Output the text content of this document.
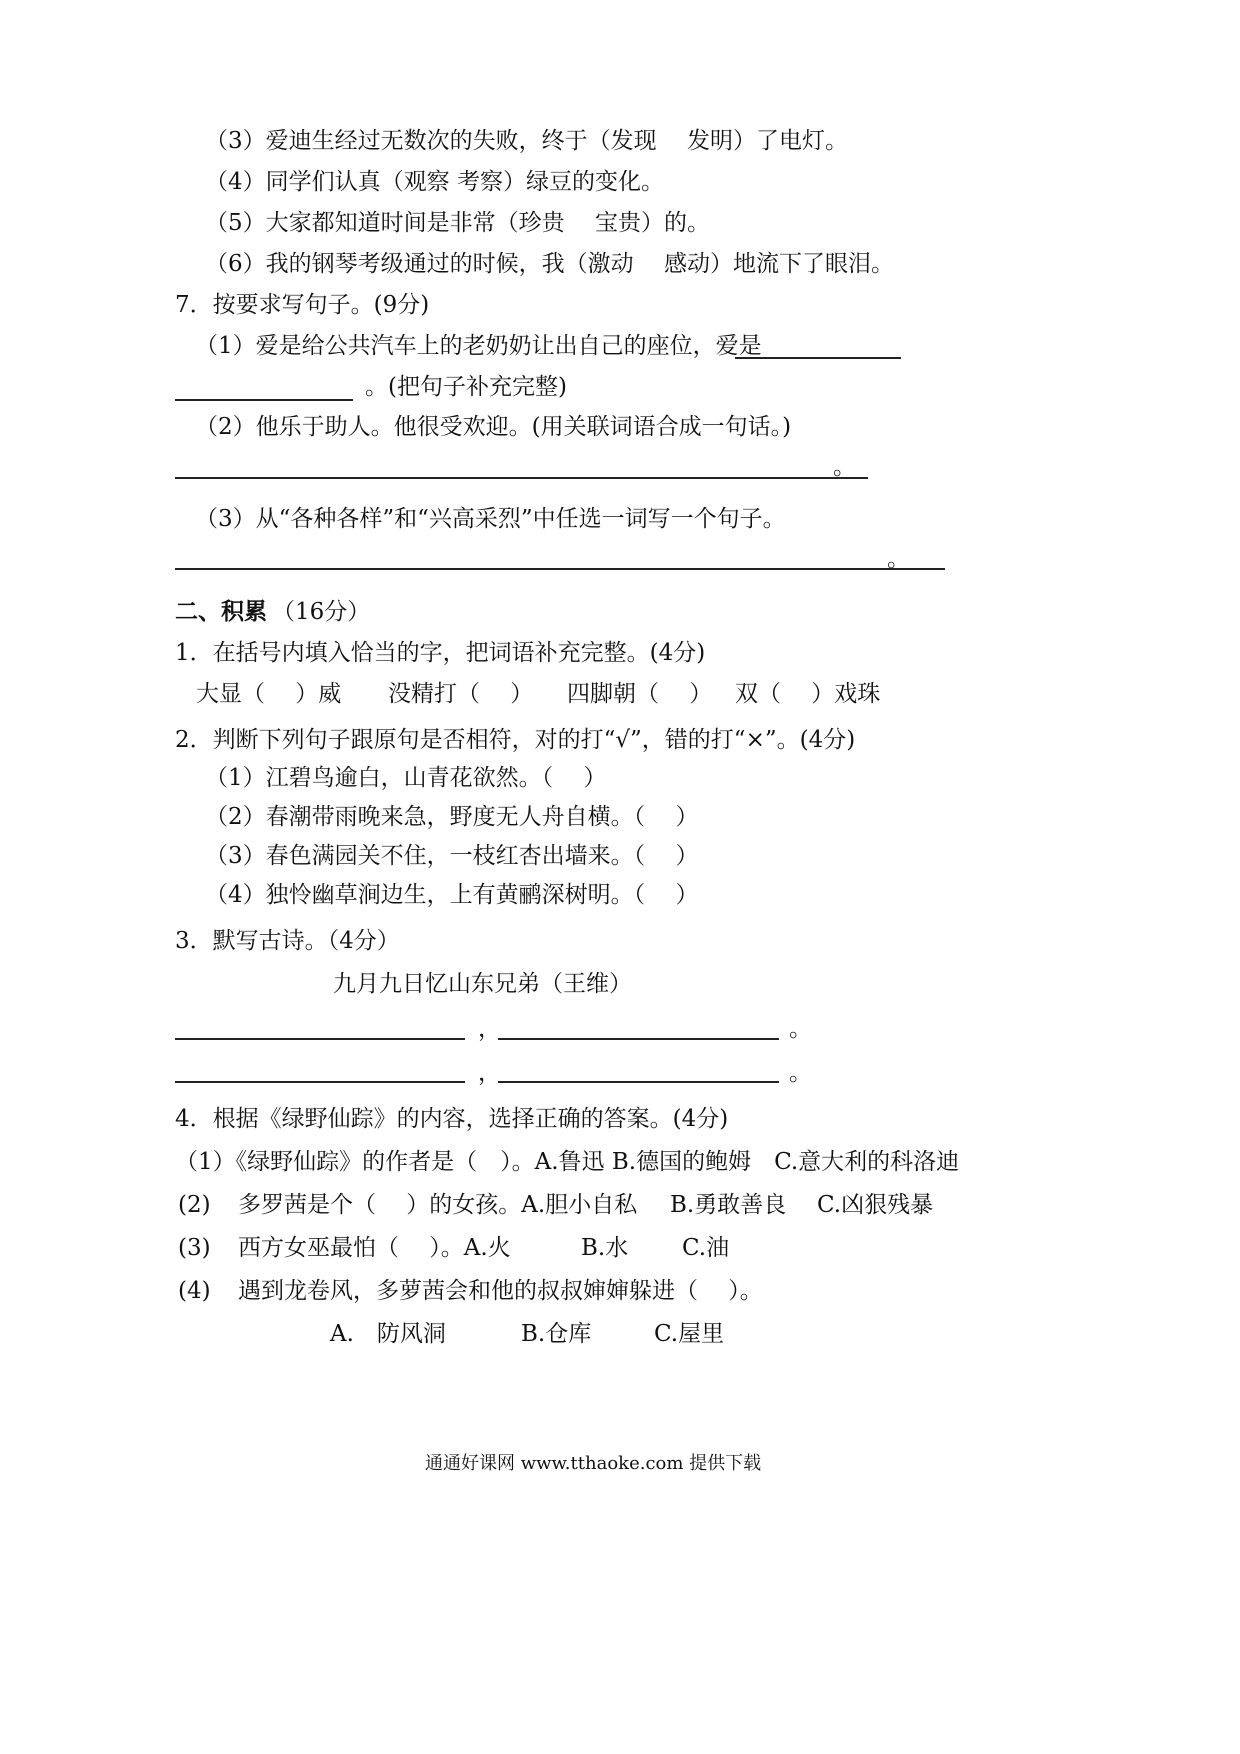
（3）爱迪生经过无数次的失败，终于（发现　 发明）了电灯。
（4）同学们认真（观察 考察）绿豆的变化。
（5）大家都知道时间是非常（珍贵　 宝贵）的。
（6）我的钢琴考级通过的时候，我（激动　 感动）地流下了眼泪。
7．按要求写句子。(9分)
（1）爱是给公共汽车上的老奶奶让出自己的座位，爱是
。(把句子补充完整)
（2）他乐于助人。他很受欢迎。(用关联词语合成一句话。)
。
（3）从“各种各样”和“兴高采烈”中任选一词写一个句子。
。
二、积累 （16分）
1．在括号内填入恰当的字，把词语补充完整。(4分)
大显（　 ）威 没精打（　 ） 四脚朝（　 ） 双（　 ）戏珠
2．判断下列句子跟原句是否相符，对的打“√”，错的打“×”。(4分)
（1）江碧鸟逾白，山青花欲然。（　 ）
（2）春潮带雨晚来急，野度无人舟自横。（　 ）
（3）春色满园关不住，一枝红杏出墙来。（　 ）
（4）独怜幽草涧边生，上有黄鹂深树明。（　 ）
3．默写古诗。（4分）
九月九日忆山东兄弟（王维）
，	。
，	。
4．根据《绿野仙踪》的内容，选择正确的答案。(4分)
（1）《绿野仙踪》的作者是（　）。A.鲁迅 B.德国的鲍姆　C.意大利的科洛迪
(2) 多罗茜是个（　 ）的女孩。A.胆小自私 B.勇敢善良 C.凶狠残暴
(3) 西方女巫最怕（　 ）。A.火	B.水 C.油
(4) 遇到龙卷风，多萝茜会和他的叔叔婶婶躲进（　 ）。
A.　防风洞	B.仓库	C.屋里
通通好课网 www.tthaoke.com 提供下载
